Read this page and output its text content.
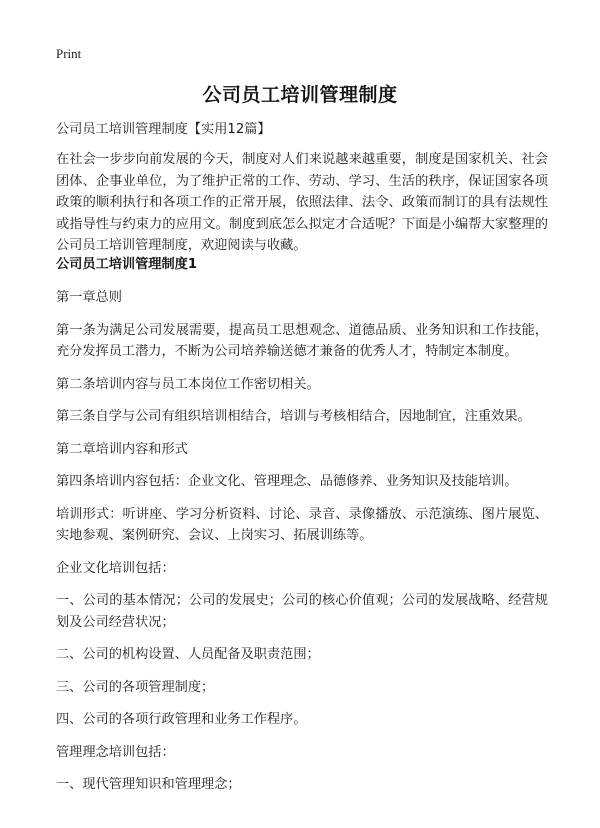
Print
公司员工培训管理制度
公司员工培训管理制度【实用12篇】
在社会一步步向前发展的今天，制度对人们来说越来越重要，制度是国家机关、社会团体、企事业单位，为了维护正常的工作、劳动、学习、生活的秩序，保证国家各项政策的顺利执行和各项工作的正常开展，依照法律、法令、政策而制订的具有法规性或指导性与约束力的应用文。制度到底怎么拟定才合适呢？下面是小编帮大家整理的公司员工培训管理制度，欢迎阅读与收藏。
公司员工培训管理制度1

第一章总则

第一条为满足公司发展需要，提高员工思想观念、道德品质、业务知识和工作技能，充分发挥员工潜力，不断为公司培养输送德才兼备的优秀人才，特制定本制度。

第二条培训内容与员工本岗位工作密切相关。

第三条自学与公司有组织培训相结合，培训与考核相结合，因地制宜，注重效果。

第二章培训内容和形式

第四条培训内容包括：企业文化、管理理念、品德修养、业务知识及技能培训。

培训形式：听讲座、学习分析资料、讨论、录音、录像播放、示范演练、图片展览、实地参观、案例研究、会议、上岗实习、拓展训练等。

企业文化培训包括：

一、公司的基本情况；公司的发展史；公司的核心价值观；公司的发展战略、经营规划及公司经营状况；

二、公司的机构设置、人员配备及职责范围；

三、公司的各项管理制度；

四、公司的各项行政管理和业务工作程序。

管理理念培训包括：

一、现代管理知识和管理理念；
